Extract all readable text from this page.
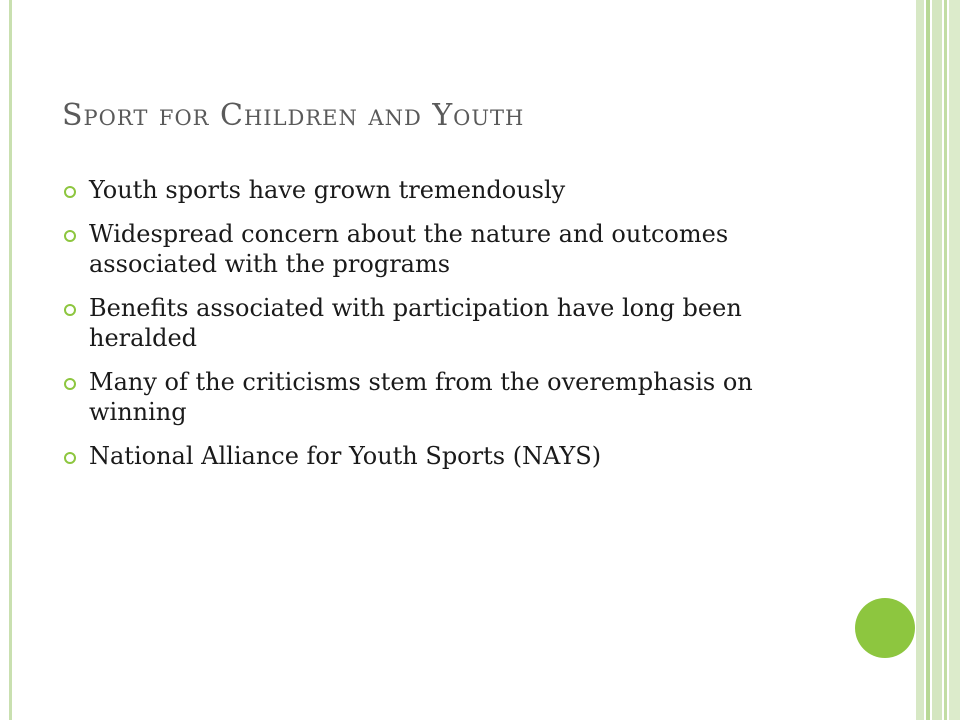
Sport for Children and Youth
Youth sports have grown tremendously
Widespread concern about the nature and outcomes associated with the programs
Benefits associated with participation have long been heralded
Many of the criticisms stem from the overemphasis on winning
National Alliance for Youth Sports (NAYS)
